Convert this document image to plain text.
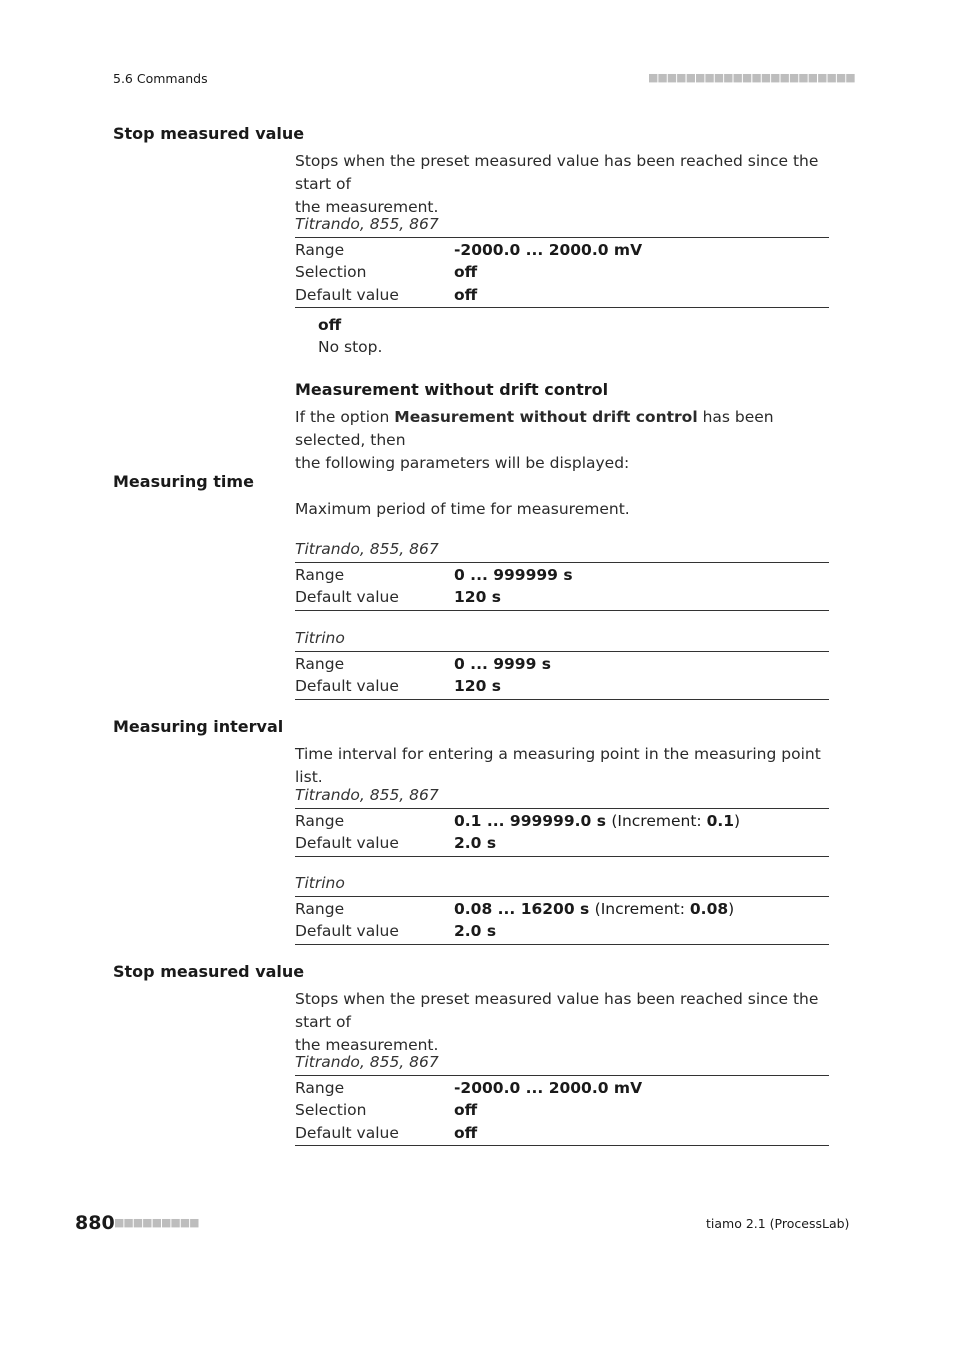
5.6 Commands	■■■■■■■■■■■■■■■■■■■■■■
Stop measured value
Stops when the preset measured value has been reached since the start of
the measurement.
Titrando, 855, 867
Range	-2000.0 ... 2000.0 mV
Selection	off
Default value	off
off
No stop.
Measurement without drift control
If the option Measurement without drift control has been selected, then
the following parameters will be displayed:
Measuring time
Maximum period of time for measurement.
Titrando, 855, 867
Range	0 ... 999999 s
Default value	120 s
Titrino
Range	0 ... 9999 s
Default value	120 s
Measuring interval
Time interval for entering a measuring point in the measuring point list.
Titrando, 855, 867
Range	0.1 ... 999999.0 s (Increment: 0.1)
Default value	2.0 s
Titrino
Range	0.08 ... 16200 s (Increment: 0.08)
Default value	2.0 s
Stop measured value
Stops when the preset measured value has been reached since the start of
the measurement.
Titrando, 855, 867
Range	-2000.0 ... 2000.0 mV
Selection	off
Default value	off
880 ■■■■■■■■■	tiamo 2.1 (ProcessLab)
